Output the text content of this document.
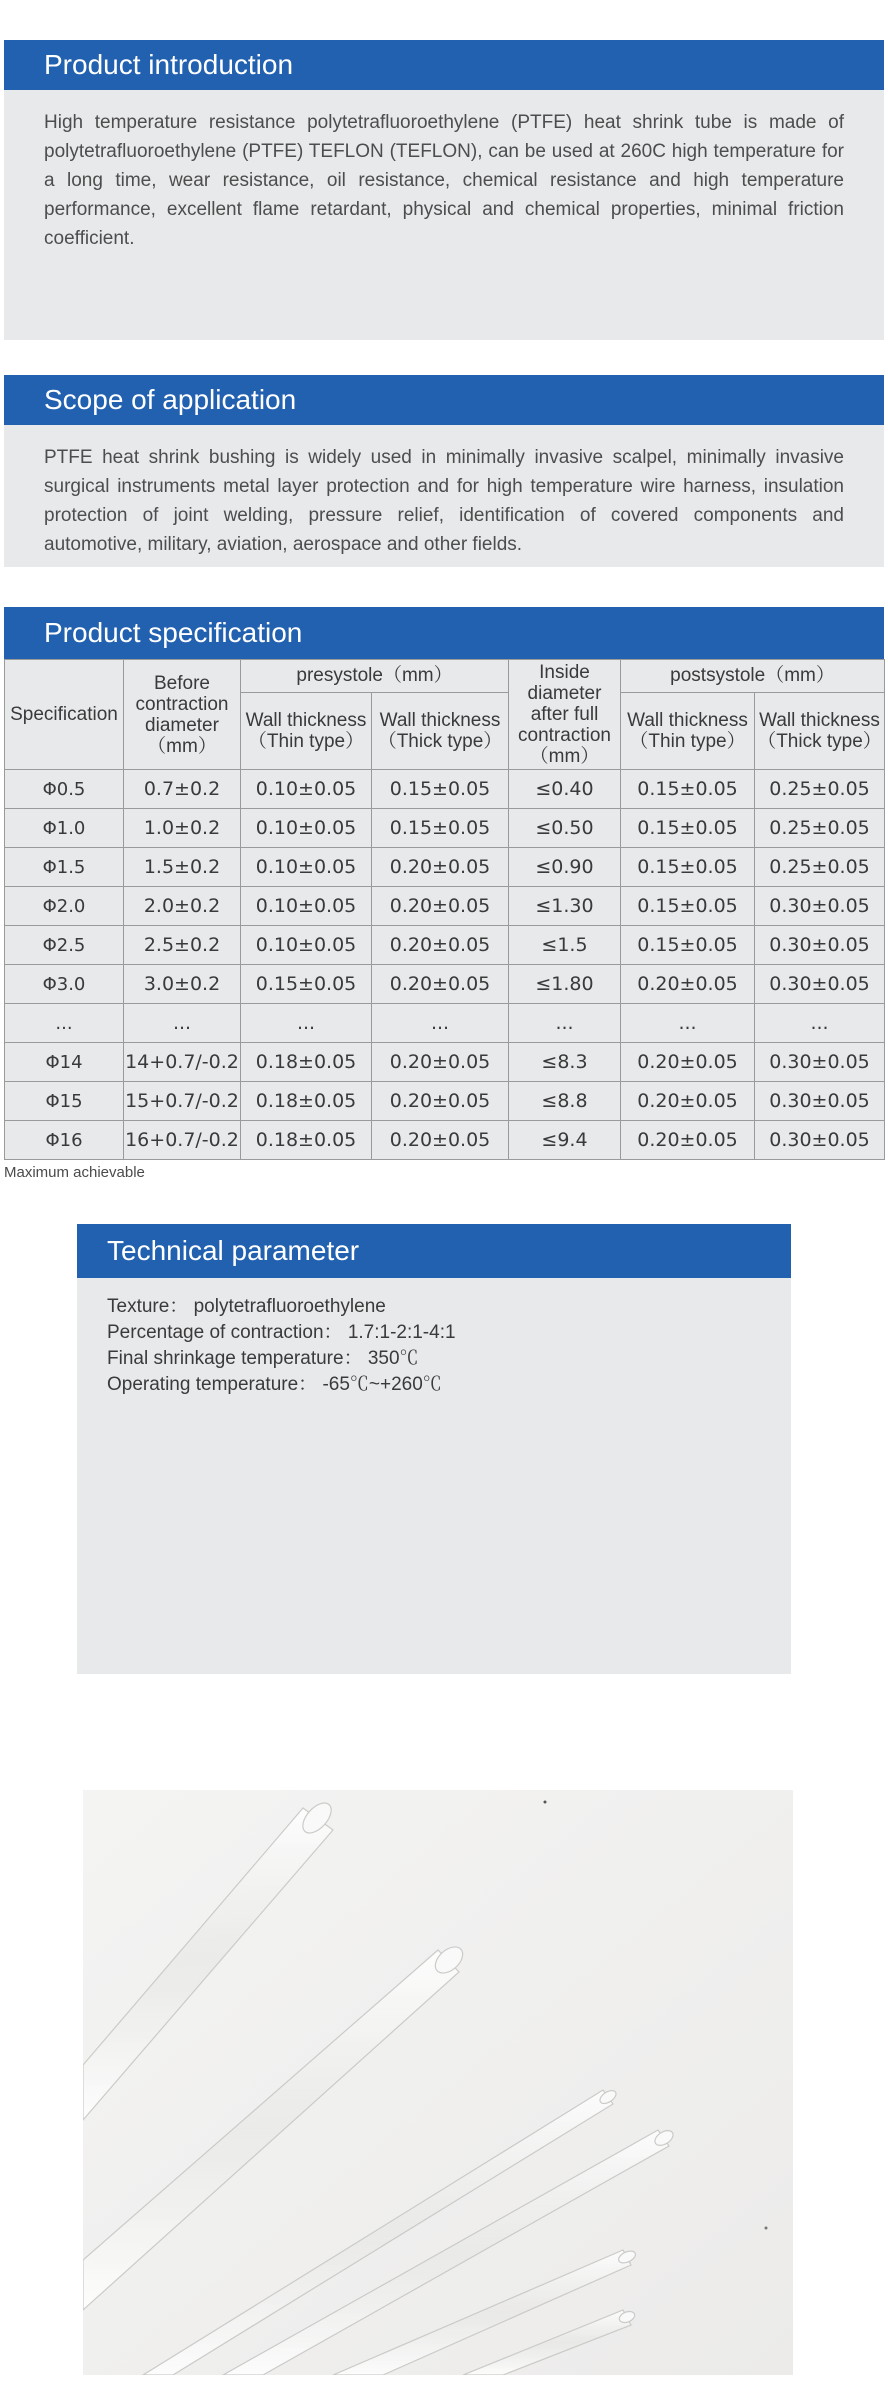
Product introduction

High temperature resistance polytetrafluoroethylene (PTFE) heat shrink tube is made of polytetrafluoroethylene (PTFE) TEFLON (TEFLON), can be used at 260C high temperature for a long time, wear resistance, oil resistance, chemical resistance and high temperature performance, excellent flame retardant, physical and chemical properties, minimal friction coefficient.

Scope of application

PTFE heat shrink bushing is widely used in minimally invasive scalpel, minimally invasive surgical instruments metal layer protection and for high temperature wire harness, insulation protection of joint welding, pressure relief, identification of covered components and automotive, military, aviation, aerospace and other fields.

Product specification
Specification	Before contraction diameter（mm）	presystole（mm）		Inside diameter after full contraction（mm）	postsystole（mm）	
		Wall thickness（Thin type）	Wall thickness（Thick type）		Wall thickness（Thin type）	Wall thickness（Thick type）
Φ0.5	0.7±0.2	0.10±0.05	0.15±0.05	≤0.40	0.15±0.05	0.25±0.05
Φ1.0	1.0±0.2	0.10±0.05	0.15±0.05	≤0.50	0.15±0.05	0.25±0.05
Φ1.5	1.5±0.2	0.10±0.05	0.20±0.05	≤0.90	0.15±0.05	0.25±0.05
Φ2.0	2.0±0.2	0.10±0.05	0.20±0.05	≤1.30	0.15±0.05	0.30±0.05
Φ2.5	2.5±0.2	0.10±0.05	0.20±0.05	≤1.5	0.15±0.05	0.30±0.05
Φ3.0	3.0±0.2	0.15±0.05	0.20±0.05	≤1.80	0.20±0.05	0.30±0.05
...	...	...	...	...	...	...
Φ14	14+0.7/-0.2	0.18±0.05	0.20±0.05	≤8.3	0.20±0.05	0.30±0.05
Φ15	15+0.7/-0.2	0.18±0.05	0.20±0.05	≤8.8	0.20±0.05	0.30±0.05
Φ16	16+0.7/-0.2	0.18±0.05	0.20±0.05	≤9.4	0.20±0.05	0.30±0.05
Maximum achievable
Technical parameter
Texture： polytetrafluoroethylene
Percentage of contraction： 1.7:1-2:1-4:1
Final shrinkage temperature： 350℃
Operating temperature： -65℃~+260℃
